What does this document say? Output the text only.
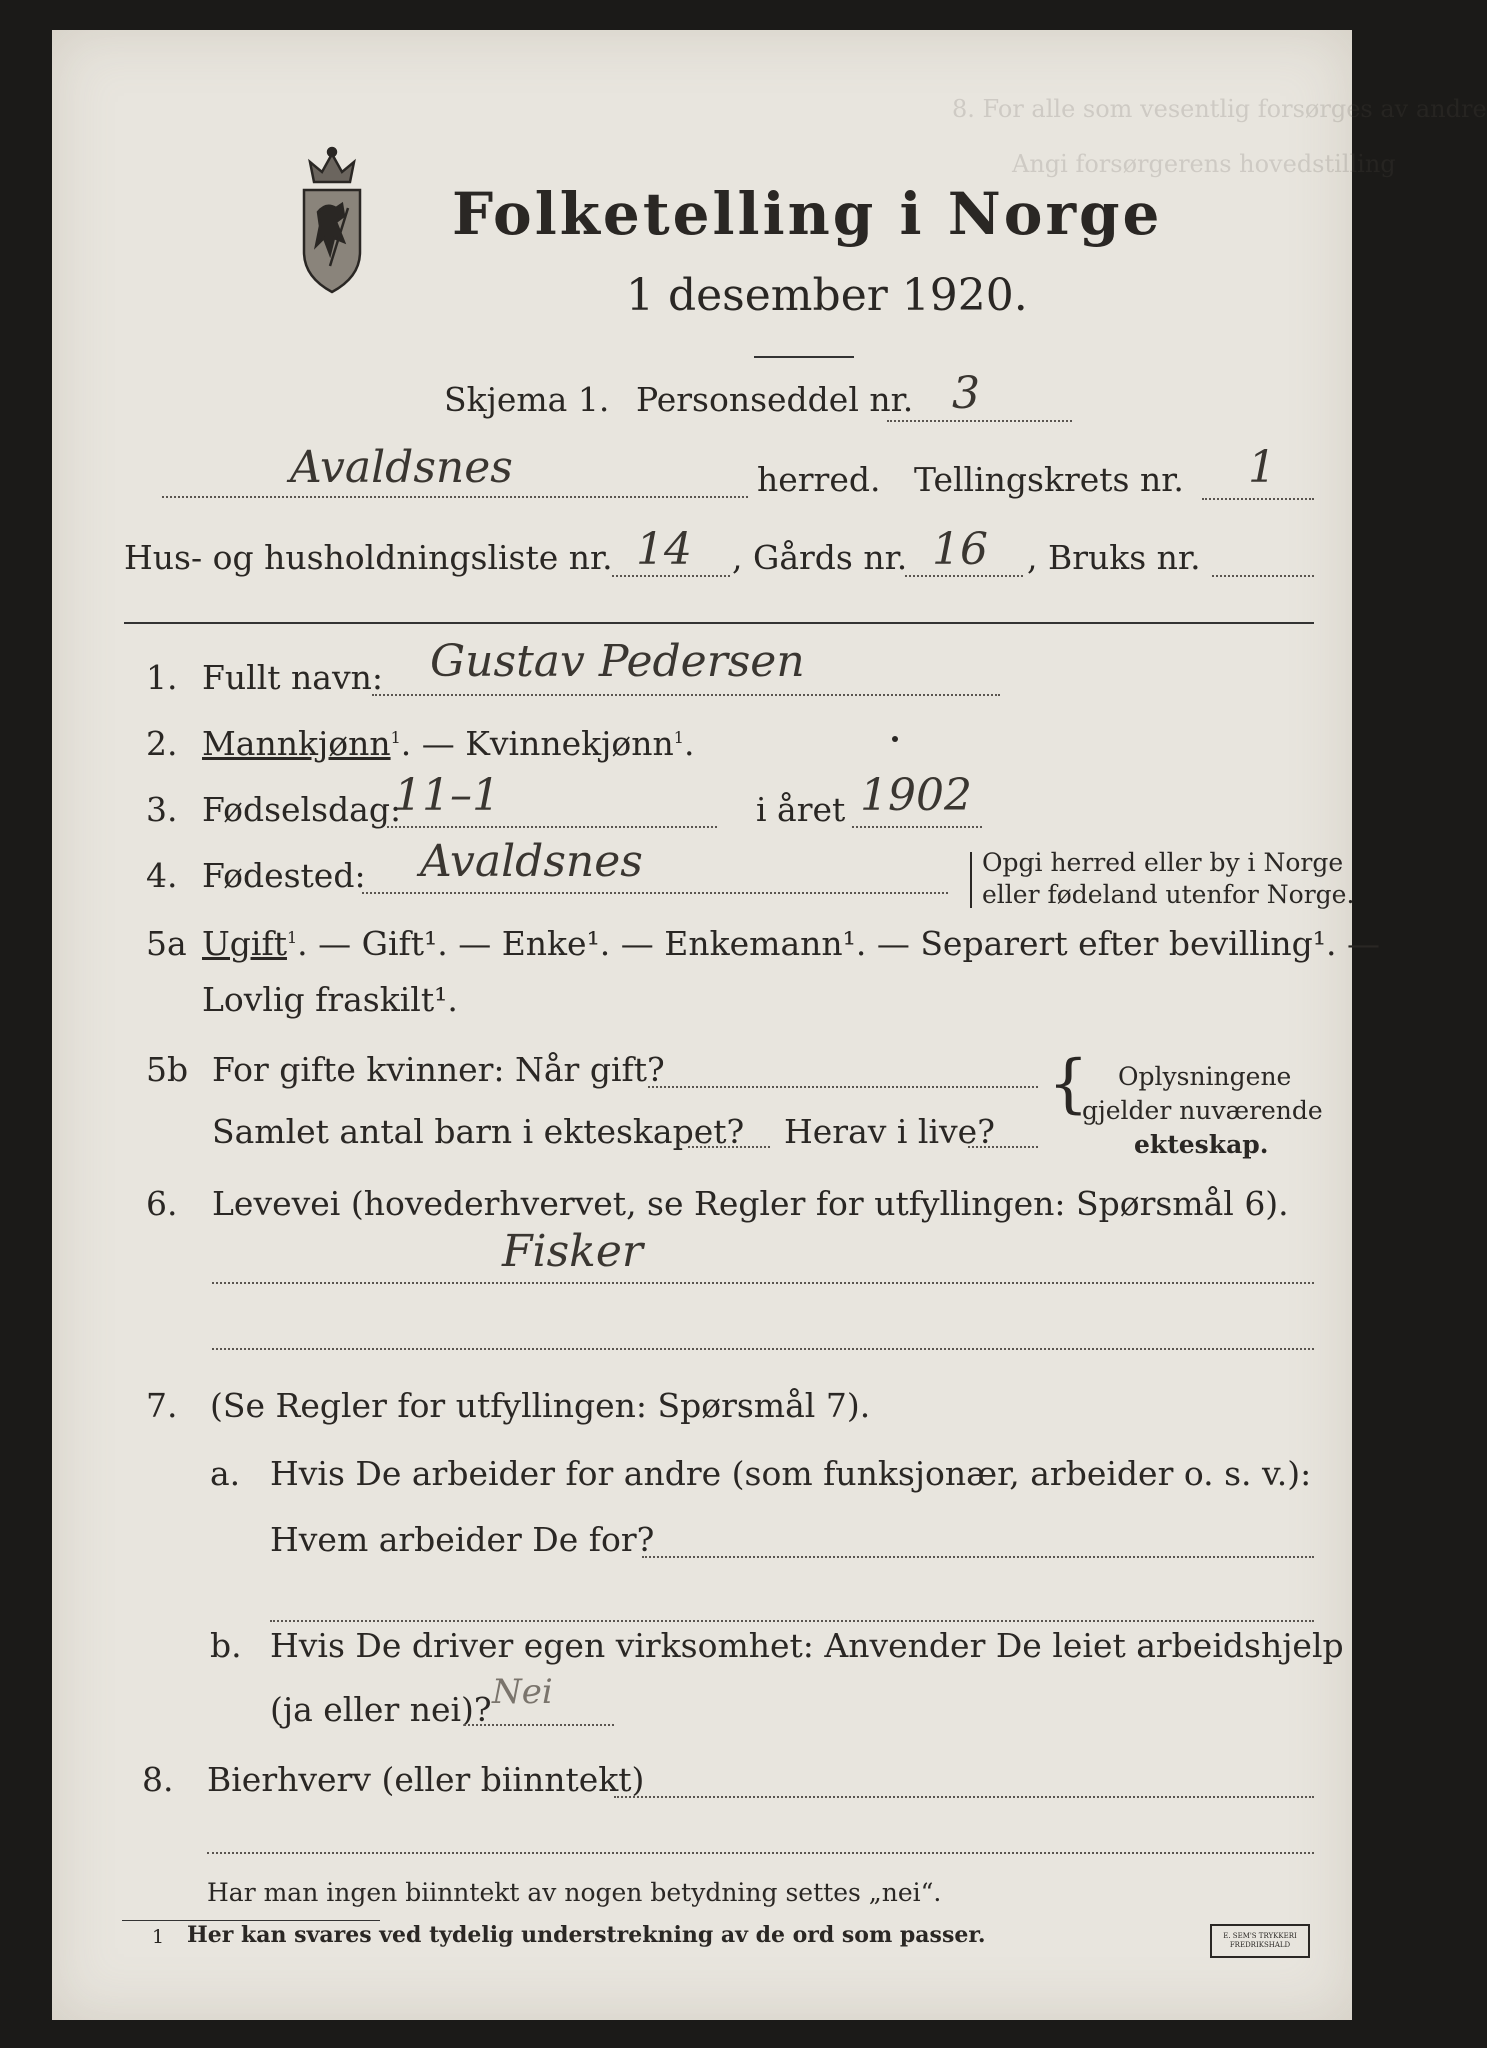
8. For alle som vesentlig forsørges av andre
Angi forsørgerens hovedstilling
Folketelling i Norge
1 desember 1920.
Skjema 1. Personseddel nr. 3
Avaldsnes	herred. Tellingskrets nr. 1
Hus- og husholdningsliste nr. 14 , Gårds nr. 16 , Bruks nr.
1. Fullt navn: Gustav Pedersen
2. Mannkjønn$^1$. — Kvinnekjønn$^1$.
3. Fødselsdag:
11–1	i året 1902
4. Fødested: Avaldsnes	Opgi herred eller by i Norge
eller fødeland utenfor Norge.
5a Ugift$^1$. — Gift¹. — Enke¹. — Enkemann¹. — Separert efter bevilling¹. —
Lovlig fraskilt¹.
5b For gifte kvinner: Når gift?
Samlet antal barn i ekteskapet? Herav i live?
{ Oplysningene
gjelder nuværende
ekteskap.
6. Levevei (hovederhvervet, se Regler for utfyllingen: Spørsmål 6).
Fisker
7. (Se Regler for utfyllingen: Spørsmål 7).
a. Hvis De arbeider for andre (som funksjonær, arbeider o. s. v.):
Hvem arbeider De for?
b. Hvis De driver egen virksomhet: Anvender De leiet arbeidshjelp
(ja eller nei)? Nei
8. Bierhverv (eller biinntekt)
Har man ingen biinntekt av nogen betydning settes „nei“.
1 Her kan svares ved tydelig understrekning av de ord som passer.	E. SEM'S TRYKKERI FREDRIKSHALD
